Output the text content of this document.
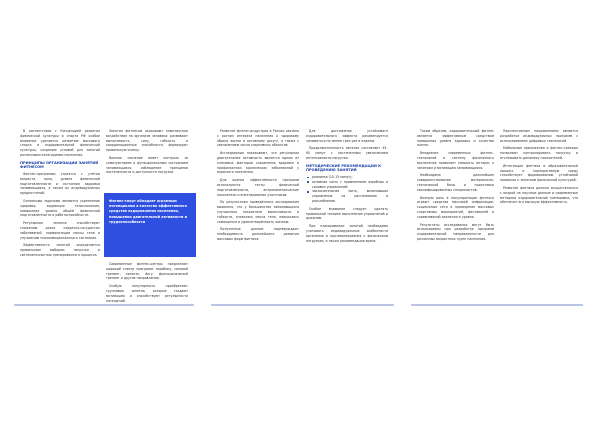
В соответствии с Концепцией развития физической культуры и спорта РФ особое внимание уделяется развитию массового спорта и оздоровительной физической культуры, созданию условий для занятий различными категориями населения.

ПРИНЦИПЫ ОРГАНИЗАЦИИ ЗАНЯТИЙ ФИТНЕСОМ

Фитнес-программы строятся с учётом возраста, пола, уровня физической подготовленности и состояния здоровья занимающихся, а также их индивидуальных предпочтений.

Основными задачами являются укрепление здоровья, коррекция телосложения, повышение уровня общей физической подготовленности и работоспособности.

Регулярные занятия способствуют снижению риска сердечно-сосудистых заболеваний, нормализации массы тела и улучшению психоэмоционального состояния.

Эффективность занятий определяется правильным выбором нагрузки и систематичностью тренировочного процесса.

Занятия фитнесом оказывают комплексное воздействие на организм человека: развивают выносливость, силу, гибкость и координационные способности, формируют правильную осанку.

Важное значение имеет контроль за самочувствием и функциональным состоянием занимающихся, соблюдение принципов постепенности и доступности нагрузки.

Современные фитнес-центры предлагают широкий спектр программ: аэробику, силовой тренинг, пилатес, йогу, функциональный тренинг и другие направления.

Особую популярность приобретают групповые занятия, которые создают мотивацию и способствуют регулярности посещений.

Фитнес-спорт обладает огромным потенциалом в качестве эффективного средства оздоровления населения, повышения двигательной активности и трудоспособности

Развитие фитнес-индустрии в России связано с ростом интереса населения к здоровому образу жизни и активному досугу, а также с увеличением числа спортивных объектов.

Исследования показывают, что регулярная двигательная активность является одним из ключевых факторов сохранения здоровья и профилактики хронических заболеваний у взрослого населения.

Для оценки эффективности программ используются тесты физической подготовленности, антропометрические показатели и анкетирование участников.

По результатам проведённого исследования выявлено, что у большинства занимающихся улучшились показатели выносливости и гибкости, снизилась масса тела, повысилась самооценка и удовлетворённость жизнью.

Полученные данные подтверждают необходимость дальнейшего развития массовых форм фитнеса.

Для достижения устойчивого оздоровительного эффекта рекомендуется заниматься не менее трёх раз в неделю.

Продолжительность занятия составляет 45–60 минут с постепенным увеличением интенсивности нагрузки.

МЕТОДИЧЕСКИЕ РЕКОМЕНДАЦИИ К ПРОВЕДЕНИЮ ЗАНЯТИЙ
разминка (10–15 минут);
основная часть с применением аэробных и силовых упражнений;
заключительная часть, включающая упражнения на растягивание и расслабление.

Особое внимание следует уделять правильной технике выполнения упражнений и дыханию.

При планировании занятий необходимо учитывать индивидуальные особенности организма и противопоказания к физическим нагрузкам, а также рекомендации врача.

Таким образом, оздоровительный фитнес является эффективным средством повышения уровня здоровья и качества жизни.

Внедрение современных фитнес-технологий в систему физического воспитания позволяет повысить интерес к занятиям и мотивацию занимающихся.

Необходимо дальнейшее совершенствование материально-технической базы и подготовки квалифицированных специалистов.

Важную роль в популяризации фитнеса играют средства массовой информации, социальные сети и проведение массовых спортивных мероприятий, фестивалей и соревнований различного уровня.

Результаты исследования могут быть использованы при разработке программ оздоровительной направленности для различных возрастных групп населения.

Перспективным направлением является разработка индивидуальных программ с использованием цифровых технологий.

Мобильные приложения и фитнес-трекеры позволяют контролировать нагрузку и отслеживать динамику показателей.

Интеграция фитнеса в образовательный процесс и корпоративную среду способствует формированию устойчивой привычки к занятиям физической культурой.

Развитие фитнеса должно осуществляться с опорой на научные данные и современные методики оздоровительной тренировки, что обеспечит его высокую эффективность.
